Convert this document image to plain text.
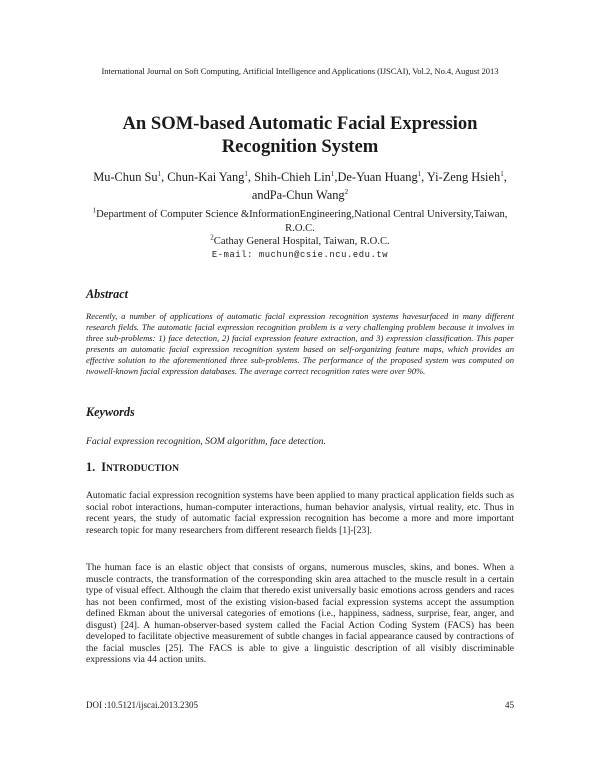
International Journal on Soft Computing, Artificial Intelligence and Applications (IJSCAI), Vol.2, No.4, August 2013
An SOM-based Automatic Facial Expression
Recognition System
Mu-Chun Su$^1$, Chun-Kai Yang$^1$, Shih-Chieh Lin$^1$,De-Yuan Huang$^1$, Yi-Zeng Hsieh$^1$, andPa-Chun Wang$^2$
$^1$Department of Computer Science &InformationEngineering,National Central University,Taiwan, R.O.C.
$^2$Cathay General Hospital, Taiwan, R.O.C.
E-mail: muchun@csie.ncu.edu.tw
Abstract
Recently, a number of applications of automatic facial expression recognition systems havesurfaced in many different research fields. The automatic facial expression recognition problem is a very challenging problem because it involves in three sub-problems: 1) face detection, 2) facial expression feature extraction, and 3) expression classification. This paper presents an automatic facial expression recognition system based on self-organizing feature maps, which provides an effective solution to the aforementioned three sub-problems. The performance of the proposed system was computed on twowell-known facial expression databases. The average correct recognition rates were over 90%.
Keywords
Facial expression recognition, SOM algorithm, face detection.
1. INTRODUCTION
Automatic facial expression recognition systems have been applied to many practical application fields such as social robot interactions, human-computer interactions, human behavior analysis, virtual reality, etc. Thus in recent years, the study of automatic facial expression recognition has become a more and more important research topic for many researchers from different research fields [1]-[23].
The human face is an elastic object that consists of organs, numerous muscles, skins, and bones. When a muscle contracts, the transformation of the corresponding skin area attached to the muscle result in a certain type of visual effect. Although the claim that theredo exist universally basic emotions across genders and races has not been confirmed, most of the existing vision-based facial expression systems accept the assumption defined Ekman about the universal categories of emotions (i.e., happiness, sadness, surprise, fear, anger, and disgust) [24]. A human-observer-based system called the Facial Action Coding System (FACS) has been developed to facilitate objective measurement of subtle changes in facial appearance caused by contractions of the facial muscles [25]. The FACS is able to give a linguistic description of all visibly discriminable expressions via 44 action units.
DOI :10.5121/ijscai.2013.2305	45
